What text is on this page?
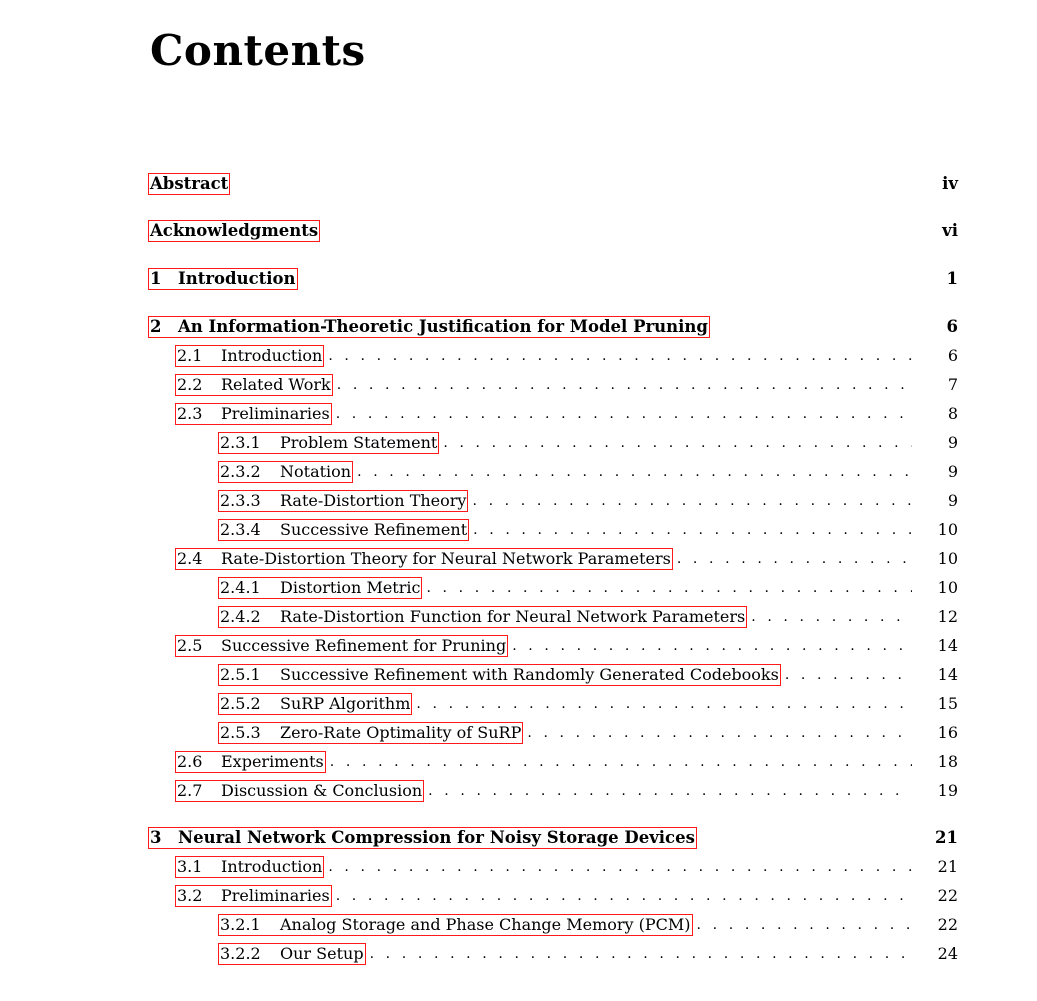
Contents
Abstract	iv
Acknowledgments	vi
1	Introduction	1
2	An Information-Theoretic Justification for Model Pruning	6
2.1	Introduction . . .	6
2.2	Related Work . . .	7
2.3	Preliminaries . . .	8
2.3.1	Problem Statement . . .	9
2.3.2	Notation . . .	9
2.3.3	Rate-Distortion Theory . . .	9
2.3.4	Successive Refinement . . .	10
2.4	Rate-Distortion Theory for Neural Network Parameters . . .	10
2.4.1	Distortion Metric . . .	10
2.4.2	Rate-Distortion Function for Neural Network Parameters . . .	12
2.5	Successive Refinement for Pruning . . .	14
2.5.1	Successive Refinement with Randomly Generated Codebooks . . .	14
2.5.2	SuRP Algorithm . . .	15
2.5.3	Zero-Rate Optimality of SuRP . . .	16
2.6	Experiments . . .	18
2.7	Discussion & Conclusion . . .	19
3	Neural Network Compression for Noisy Storage Devices	21
3.1	Introduction . . .	21
3.2	Preliminaries . . .	22
3.2.1	Analog Storage and Phase Change Memory (PCM) . . .	22
3.2.2	Our Setup . . .	24
